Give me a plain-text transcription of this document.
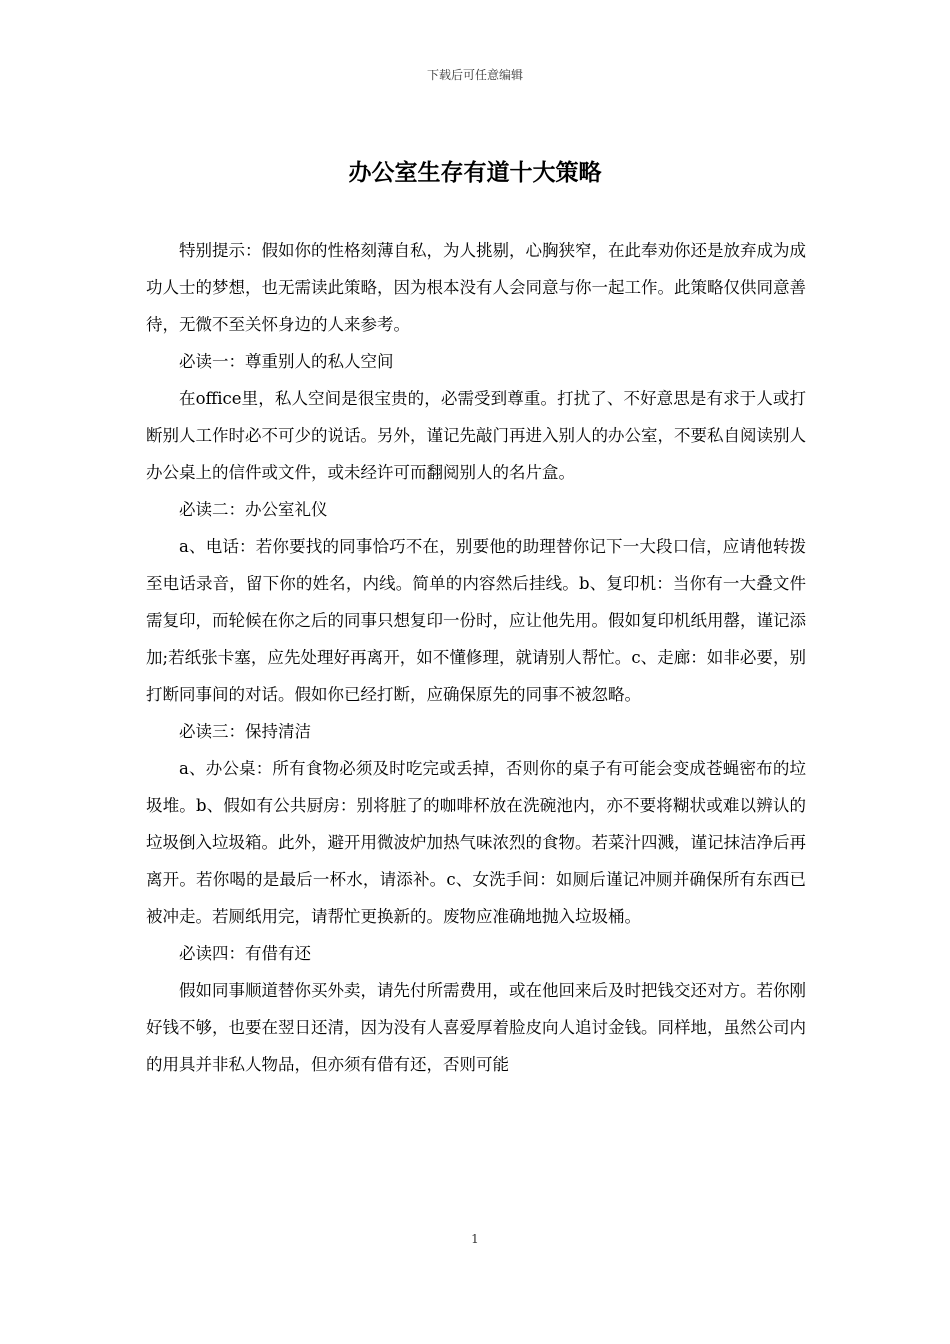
下载后可任意编辑
办公室生存有道十大策略

特别提示：假如你的性格刻薄自私，为人挑剔，心胸狭窄，在此奉劝你还是放弃成为成功人士的梦想，也无需读此策略，因为根本没有人会同意与你一起工作。此策略仅供同意善待，无微不至关怀身边的人来参考。

必读一：尊重别人的私人空间

在office里，私人空间是很宝贵的，必需受到尊重。打扰了、不好意思是有求于人或打断别人工作时必不可少的说话。另外，谨记先敲门再进入别人的办公室，不要私自阅读别人办公桌上的信件或文件，或未经许可而翻阅别人的名片盒。

必读二：办公室礼仪

a、电话：若你要找的同事恰巧不在，别要他的助理替你记下一大段口信，应请他转拨至电话录音，留下你的姓名，内线。简单的内容然后挂线。b、复印机：当你有一大叠文件需复印，而轮候在你之后的同事只想复印一份时，应让他先用。假如复印机纸用罄，谨记添加;若纸张卡塞，应先处理好再离开，如不懂修理，就请别人帮忙。c、走廊：如非必要，别打断同事间的对话。假如你已经打断，应确保原先的同事不被忽略。

必读三：保持清洁

a、办公桌：所有食物必须及时吃完或丢掉，否则你的桌子有可能会变成苍蝇密布的垃圾堆。b、假如有公共厨房：别将脏了的咖啡杯放在洗碗池内，亦不要将糊状或难以辨认的垃圾倒入垃圾箱。此外，避开用微波炉加热气味浓烈的食物。若菜汁四溅，谨记抹洁净后再离开。若你喝的是最后一杯水，请添补。c、女洗手间：如厕后谨记冲厕并确保所有东西已被冲走。若厕纸用完，请帮忙更换新的。废物应准确地抛入垃圾桶。

必读四：有借有还

假如同事顺道替你买外卖，请先付所需费用，或在他回来后及时把钱交还对方。若你刚好钱不够，也要在翌日还清，因为没有人喜爱厚着脸皮向人追讨金钱。同样地，虽然公司内的用具并非私人物品，但亦须有借有还，否则可能

1
